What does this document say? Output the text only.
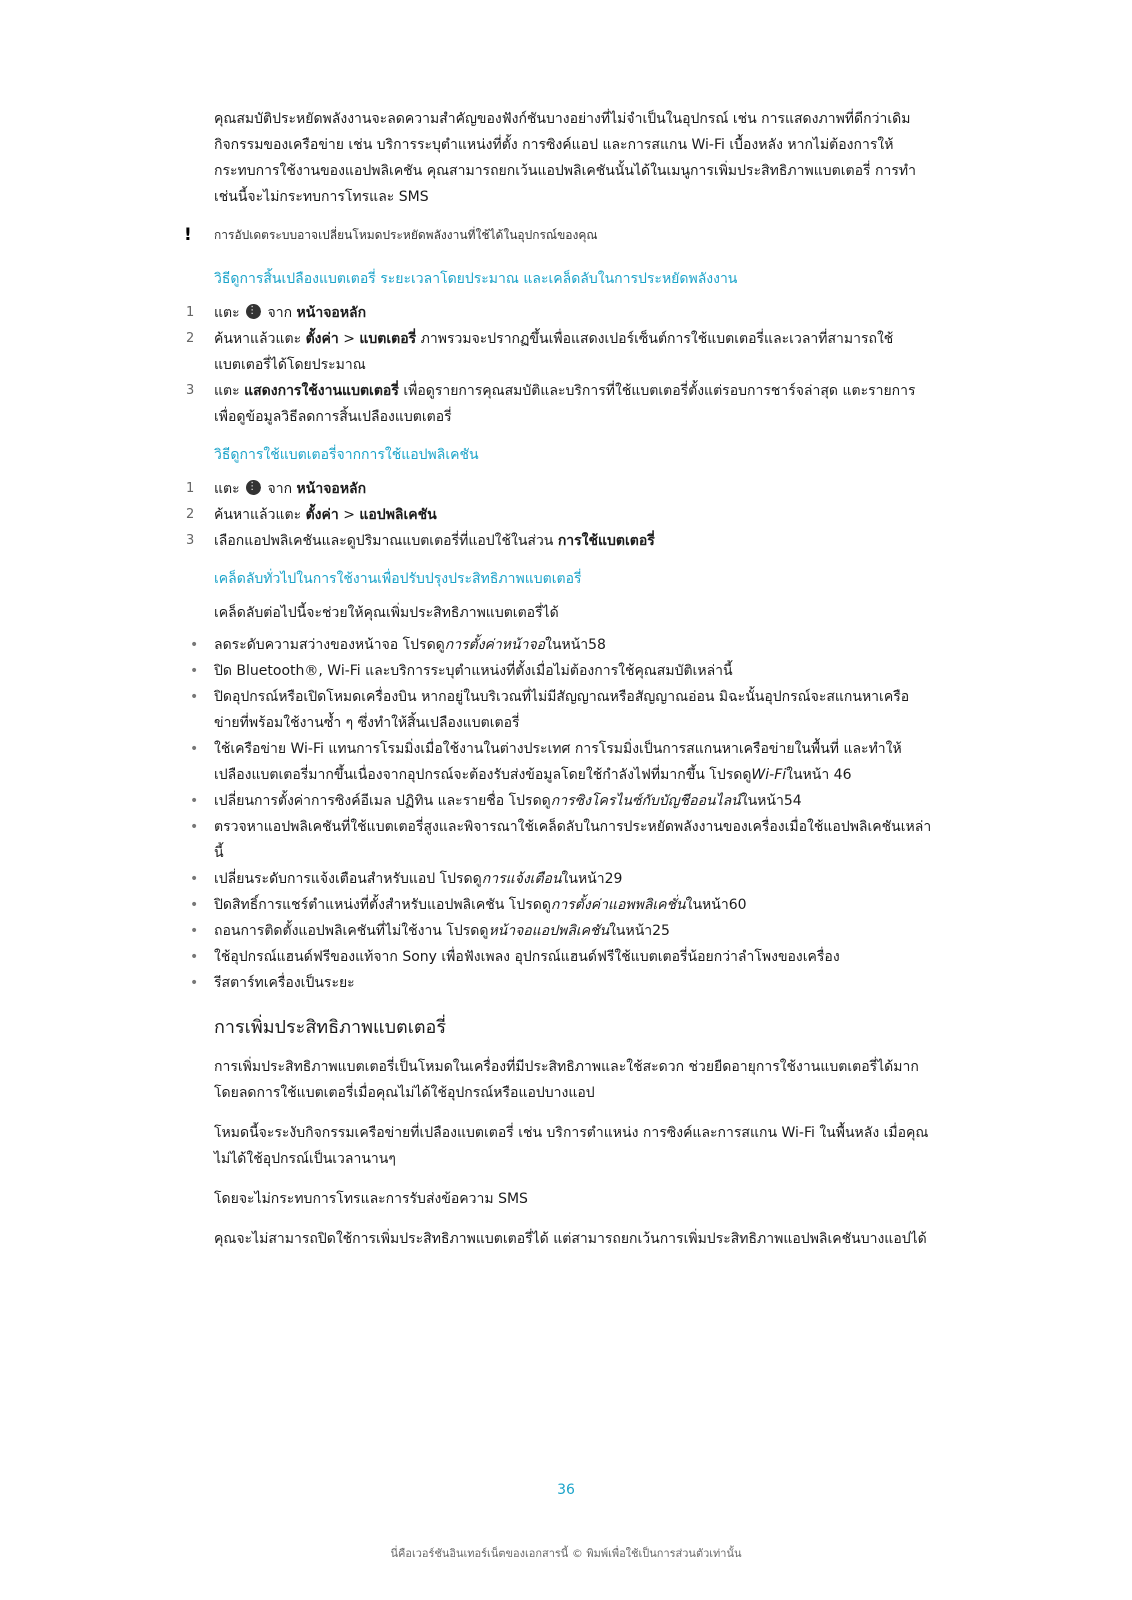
คุณสมบัติประหยัดพลังงานจะลดความสำคัญของฟังก์ชันบางอย่างที่ไม่จำเป็นในอุปกรณ์ เช่น การแสดงภาพที่ดีกว่าเดิม กิจกรรมของเครือข่าย เช่น บริการระบุตำแหน่งที่ตั้ง การซิงค์แอป และการสแกน Wi-Fi เบื้องหลัง หากไม่ต้องการให้กระทบการใช้งานของแอปพลิเคชัน คุณสามารถยกเว้นแอปพลิเคชันนั้นได้ในเมนูการเพิ่มประสิทธิภาพแบตเตอรี่ การทำเช่นนี้จะไม่กระทบการโทรและ SMS

! การอัปเดตระบบอาจเปลี่ยนโหมดประหยัดพลังงานที่ใช้ได้ในอุปกรณ์ของคุณ

วิธีดูการสิ้นเปลืองแบตเตอรี่ ระยะเวลาโดยประมาณ และเคล็ดลับในการประหยัดพลังงาน
1 แตะ ⋮⋮ จาก หน้าจอหลัก
2 ค้นหาแล้วแตะ ตั้งค่า > แบตเตอรี่ ภาพรวมจะปรากฏขึ้นเพื่อแสดงเปอร์เซ็นต์การใช้แบตเตอรี่และเวลาที่สามารถใช้แบตเตอรี่ได้โดยประมาณ
3 แตะ แสดงการใช้งานแบตเตอรี่ เพื่อดูรายการคุณสมบัติและบริการที่ใช้แบตเตอรี่ตั้งแต่รอบการชาร์จล่าสุด แตะรายการเพื่อดูข้อมูลวิธีลดการสิ้นเปลืองแบตเตอรี่
วิธีดูการใช้แบตเตอรี่จากการใช้แอปพลิเคชัน
1 แตะ ⋮⋮ จาก หน้าจอหลัก
2 ค้นหาแล้วแตะ ตั้งค่า > แอปพลิเคชัน
3 เลือกแอปพลิเคชันและดูปริมาณแบตเตอรี่ที่แอปใช้ในส่วน การใช้แบตเตอรี่
เคล็ดลับทั่วไปในการใช้งานเพื่อปรับปรุงประสิทธิภาพแบตเตอรี่

เคล็ดลับต่อไปนี้จะช่วยให้คุณเพิ่มประสิทธิภาพแบตเตอรี่ได้

• ลดระดับความสว่างของหน้าจอ โปรดดูการตั้งค่าหน้าจอในหน้า58
• ปิด Bluetooth®, Wi-Fi และบริการระบุตำแหน่งที่ตั้งเมื่อไม่ต้องการใช้คุณสมบัติเหล่านี้
• ปิดอุปกรณ์หรือเปิดโหมดเครื่องบิน หากอยู่ในบริเวณที่ไม่มีสัญญาณหรือสัญญาณอ่อน มิฉะนั้นอุปกรณ์จะสแกนหาเครือข่ายที่พร้อมใช้งานซ้ำ ๆ ซึ่งทำให้สิ้นเปลืองแบตเตอรี่
• ใช้เครือข่าย Wi-Fi แทนการโรมมิ่งเมื่อใช้งานในต่างประเทศ การโรมมิ่งเป็นการสแกนหาเครือข่ายในพื้นที่ และทำให้เปลืองแบตเตอรี่มากขึ้นเนื่องจากอุปกรณ์จะต้องรับส่งข้อมูลโดยใช้กำลังไฟที่มากขึ้น โปรดดูWi-Fiในหน้า 46
• เปลี่ยนการตั้งค่าการซิงค์อีเมล ปฏิทิน และรายชื่อ โปรดดูการซิงโครไนซ์กับบัญชีออนไลน์ในหน้า54
• ตรวจหาแอปพลิเคชันที่ใช้แบตเตอรี่สูงและพิจารณาใช้เคล็ดลับในการประหยัดพลังงานของเครื่องเมื่อใช้แอปพลิเคชันเหล่านี้
• เปลี่ยนระดับการแจ้งเตือนสำหรับแอป โปรดดูการแจ้งเตือนในหน้า29
• ปิดสิทธิ์การแชร์ตำแหน่งที่ตั้งสำหรับแอปพลิเคชัน โปรดดูการตั้งค่าแอพพลิเคชั่นในหน้า60
• ถอนการติดตั้งแอปพลิเคชันที่ไม่ใช้งาน โปรดดูหน้าจอแอปพลิเคชันในหน้า25
• ใช้อุปกรณ์แฮนด์ฟรีของแท้จาก Sony เพื่อฟังเพลง อุปกรณ์แฮนด์ฟรีใช้แบตเตอรี่น้อยกว่าลำโพงของเครื่อง
• รีสตาร์ทเครื่องเป็นระยะ
การเพิ่มประสิทธิภาพแบตเตอรี่

การเพิ่มประสิทธิภาพแบตเตอรี่เป็นโหมดในเครื่องที่มีประสิทธิภาพและใช้สะดวก ช่วยยืดอายุการใช้งานแบตเตอรี่ได้มากโดยลดการใช้แบตเตอรี่เมื่อคุณไม่ได้ใช้อุปกรณ์หรือแอปบางแอป

โหมดนี้จะระงับกิจกรรมเครือข่ายที่เปลืองแบตเตอรี่ เช่น บริการตำแหน่ง การซิงค์และการสแกน Wi-Fi ในพื้นหลัง เมื่อคุณไม่ได้ใช้อุปกรณ์เป็นเวลานานๆ

โดยจะไม่กระทบการโทรและการรับส่งข้อความ SMS

คุณจะไม่สามารถปิดใช้การเพิ่มประสิทธิภาพแบตเตอรี่ได้ แต่สามารถยกเว้นการเพิ่มประสิทธิภาพแอปพลิเคชันบางแอปได้

36
นี่คือเวอร์ชันอินเทอร์เน็ตของเอกสารนี้ © พิมพ์เพื่อใช้เป็นการส่วนตัวเท่านั้น
